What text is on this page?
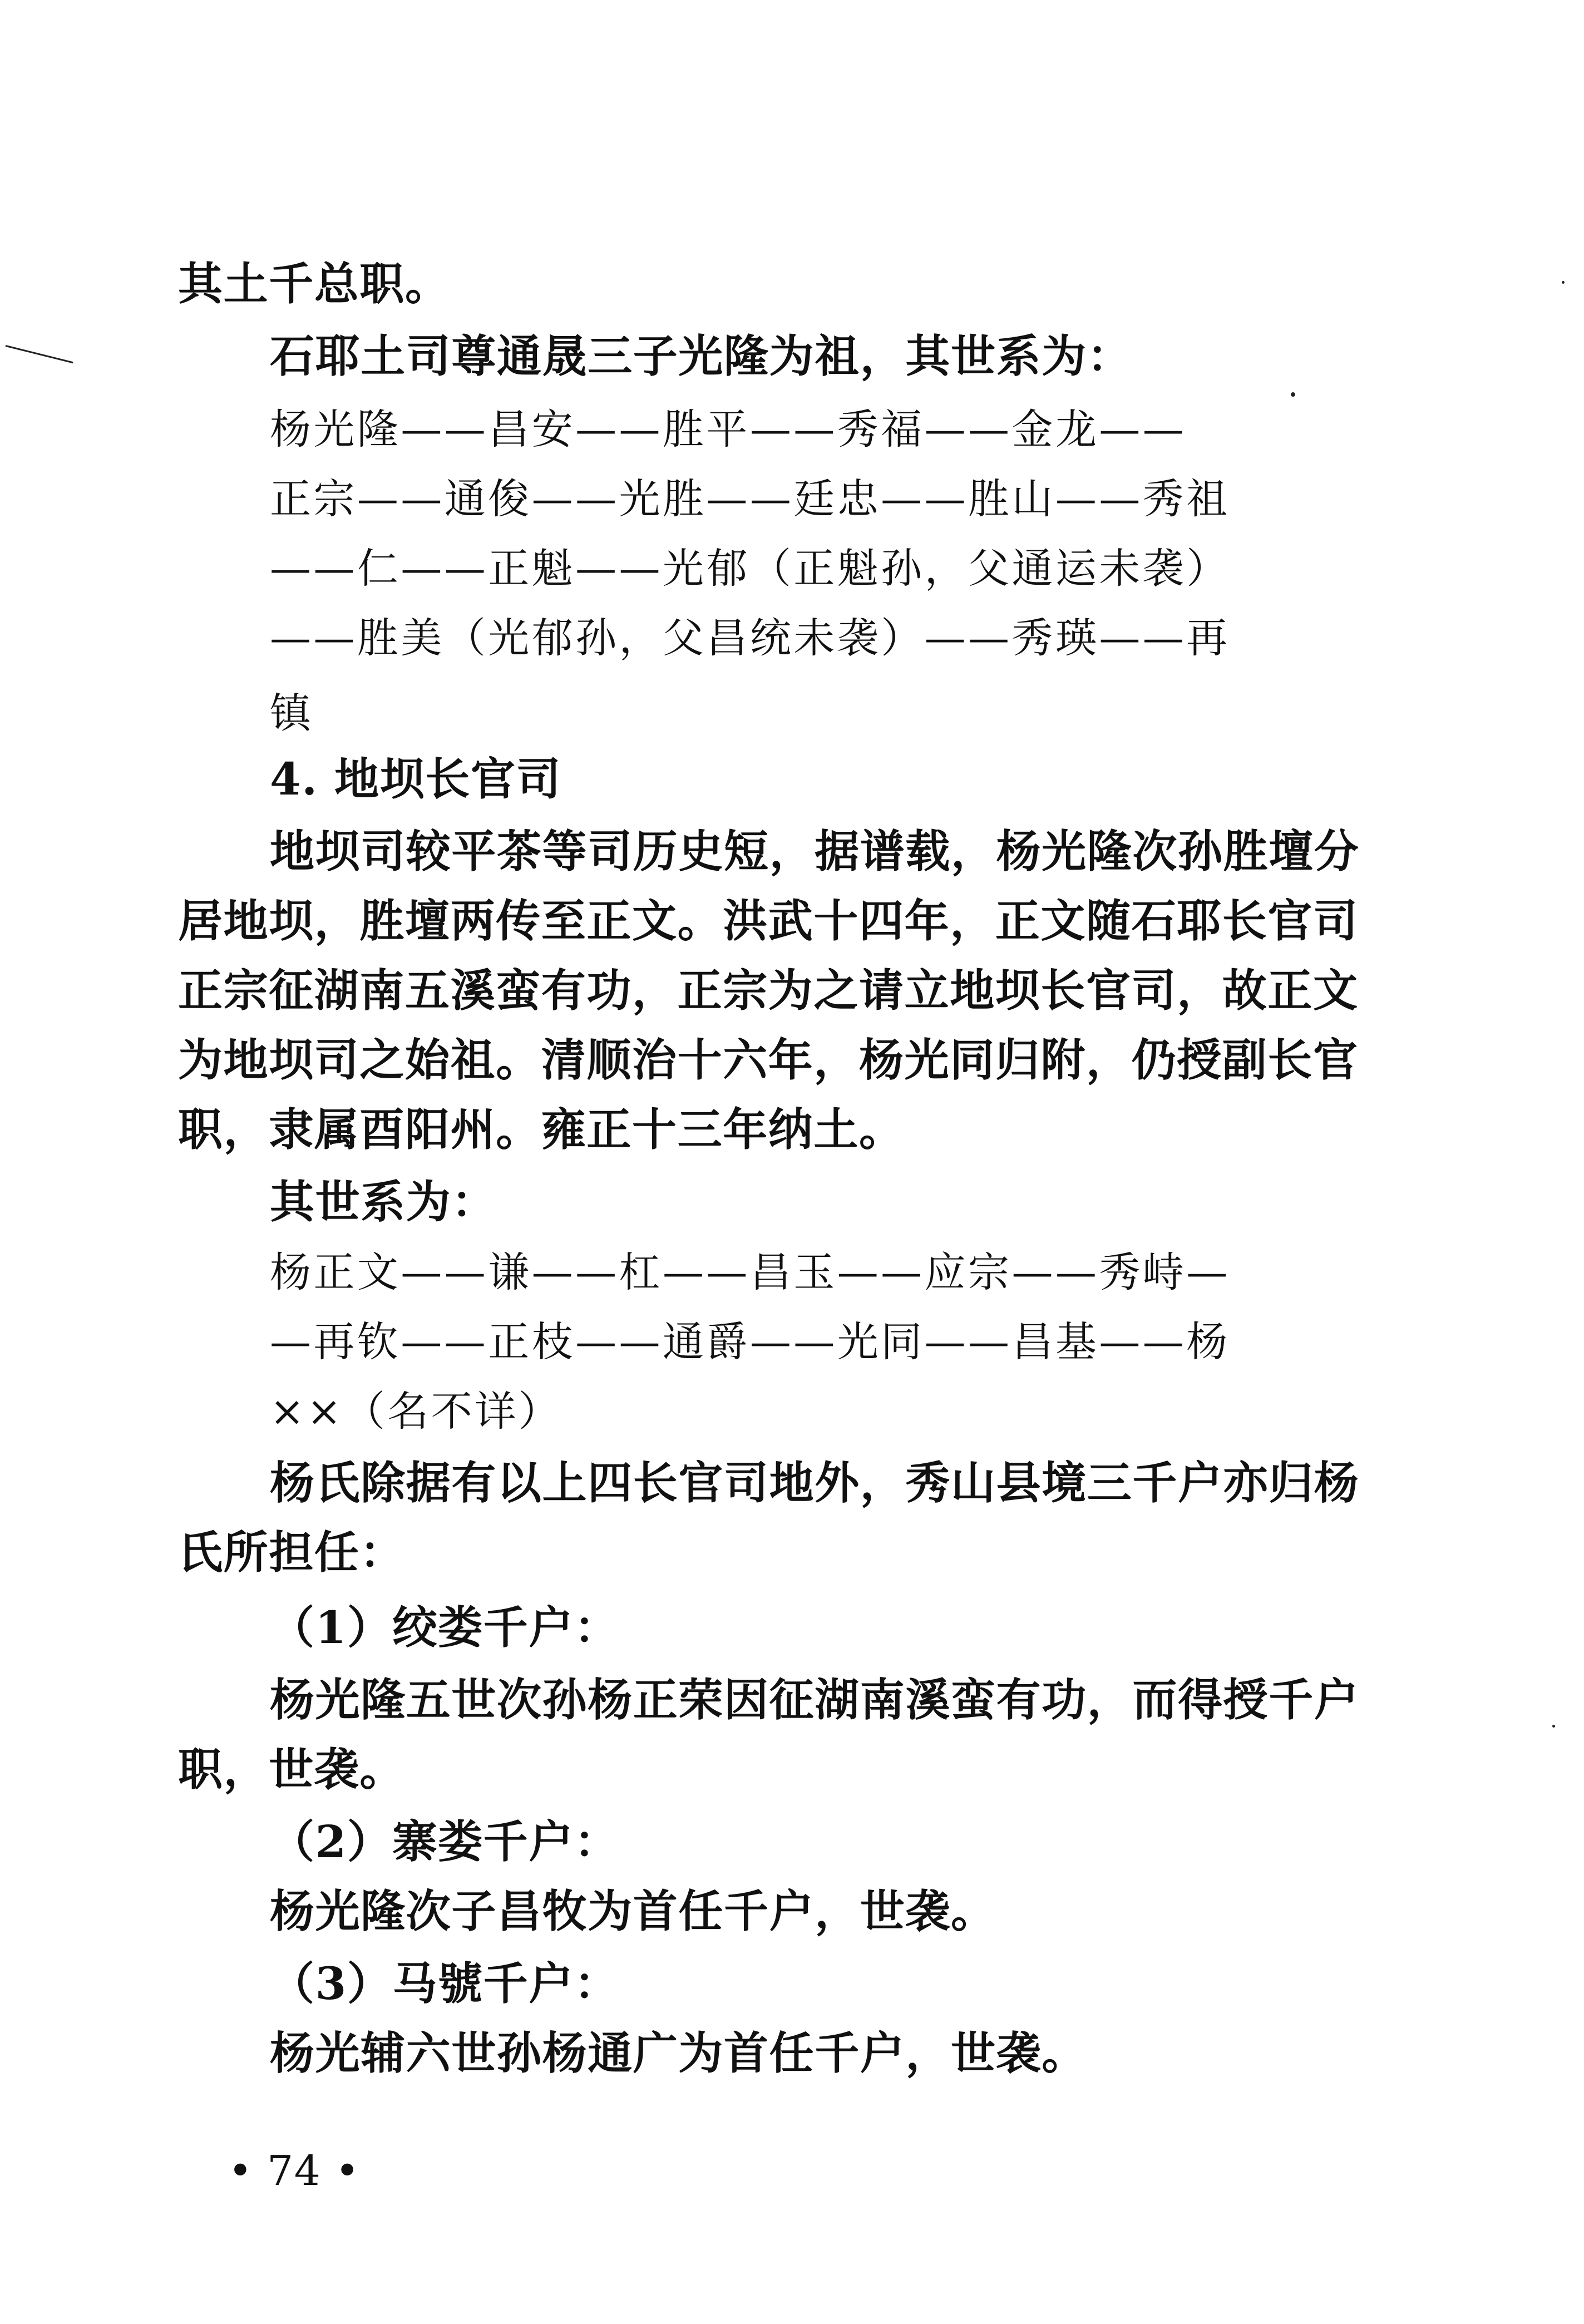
其土千总职。
石耶土司尊通晟三子光隆为祖，其世系为：
杨光隆——昌安——胜平——秀福——金龙——
正宗——通俊——光胜——廷忠——胜山——秀祖
——仁——正魁——光郁（正魁孙，父通运未袭）
——胜美（光郁孙，父昌统未袭）——秀瑛——再
镇
4. 地坝长官司
地坝司较平茶等司历史短，据谱载，杨光隆次孙胜壇分
居地坝，胜壇两传至正文。洪武十四年，正文随石耶长官司
正宗征湖南五溪蛮有功，正宗为之请立地坝长官司，故正文
为地坝司之始祖。清顺治十六年，杨光同归附，仍授副长官
职，隶属酉阳州。雍正十三年纳土。
其世系为：
杨正文——谦——杠——昌玉——应宗——秀峙—
—再钦——正枝——通爵——光同——昌基——杨
××（名不详）
杨氏除据有以上四长官司地外，秀山县境三千户亦归杨
氏所担任：
（1）绞娄千户：
杨光隆五世次孙杨正荣因征湖南溪蛮有功，而得授千户
职，世袭。
（2）寨娄千户：
杨光隆次子昌牧为首任千户，世袭。
（3）马號千户：
杨光辅六世孙杨通广为首任千户，世袭。
• 74 •
